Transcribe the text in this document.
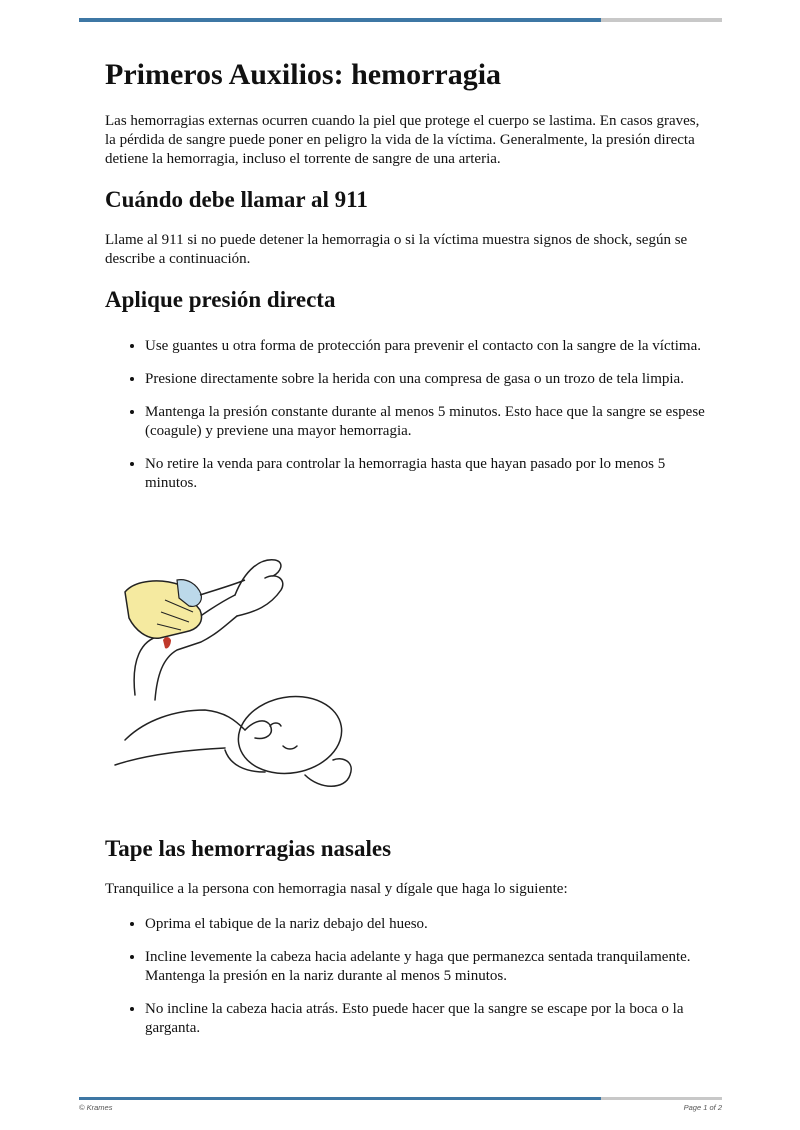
Primeros Auxilios: hemorragia

Las hemorragias externas ocurren cuando la piel que protege el cuerpo se lastima. En casos graves, la pérdida de sangre puede poner en peligro la vida de la víctima. Generalmente, la presión directa detiene la hemorragia, incluso el torrente de sangre de una arteria.

Cuándo debe llamar al 911

Llame al 911 si no puede detener la hemorragia o si la víctima muestra signos de shock, según se describe a continuación.

Aplique presión directa
• Use guantes u otra forma de protección para prevenir el contacto con la sangre de la víctima.
• Presione directamente sobre la herida con una compresa de gasa o un trozo de tela limpia.
• Mantenga la presión constante durante al menos 5 minutos. Esto hace que la sangre se espese (coagule) y previene una mayor hemorragia.
• No retire la venda para controlar la hemorragia hasta que hayan pasado por lo menos 5 minutos.
Tape las hemorragias nasales

Tranquilice a la persona con hemorragia nasal y dígale que haga lo siguiente:

• Oprima el tabique de la nariz debajo del hueso.
• Incline levemente la cabeza hacia adelante y haga que permanezca sentada tranquilamente. Mantenga la presión en la nariz durante al menos 5 minutos.
• No incline la cabeza hacia atrás. Esto puede hacer que la sangre se escape por la boca o la garganta.
© Krames	Page 1 of 2
